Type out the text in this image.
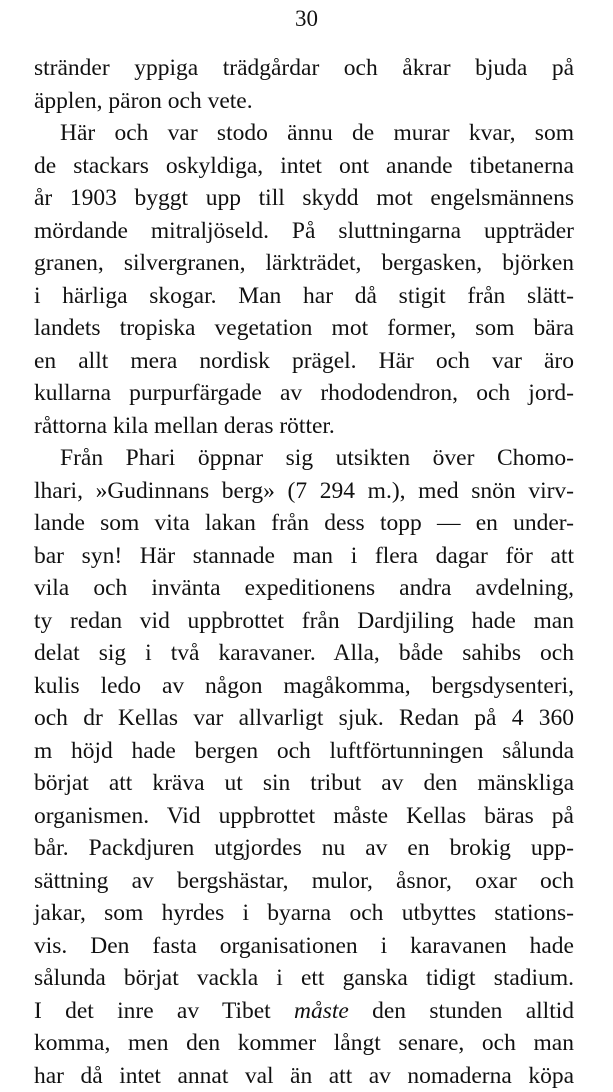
30
stränder yppiga trädgårdar och åkrar bjuda på
äpplen, päron och vete.
Här och var stodo ännu de murar kvar, som
de stackars oskyldiga, intet ont anande tibetanerna
år 1903 byggt upp till skydd mot engelsmännens
mördande mitraljöseld. På sluttningarna uppträder
granen, silvergranen, lärkträdet, bergasken, björken
i härliga skogar. Man har då stigit från slätt-
landets tropiska vegetation mot former, som bära
en allt mera nordisk prägel. Här och var äro
kullarna purpurfärgade av rhododendron, och jord-
råttorna kila mellan deras rötter.
Från Phari öppnar sig utsikten över Chomo-
lhari, »Gudinnans berg» (7 294 m.), med snön virv-
lande som vita lakan från dess topp — en under-
bar syn! Här stannade man i flera dagar för att
vila och invänta expeditionens andra avdelning,
ty redan vid uppbrottet från Dardjiling hade man
delat sig i två karavaner. Alla, både sahibs och
kulis ledo av någon magåkomma, bergsdysenteri,
och dr Kellas var allvarligt sjuk. Redan på 4 360
m höjd hade bergen och luftförtunningen sålunda
börjat att kräva ut sin tribut av den mänskliga
organismen. Vid uppbrottet måste Kellas bäras på
bår. Packdjuren utgjordes nu av en brokig upp-
sättning av bergshästar, mulor, åsnor, oxar och
jakar, som hyrdes i byarna och utbyttes stations-
vis. Den fasta organisationen i karavanen hade
sålunda börjat vackla i ett ganska tidigt stadium.
I det inre av Tibet måste den stunden alltid
komma, men den kommer långt senare, och man
har då intet annat val än att av nomaderna köpa
